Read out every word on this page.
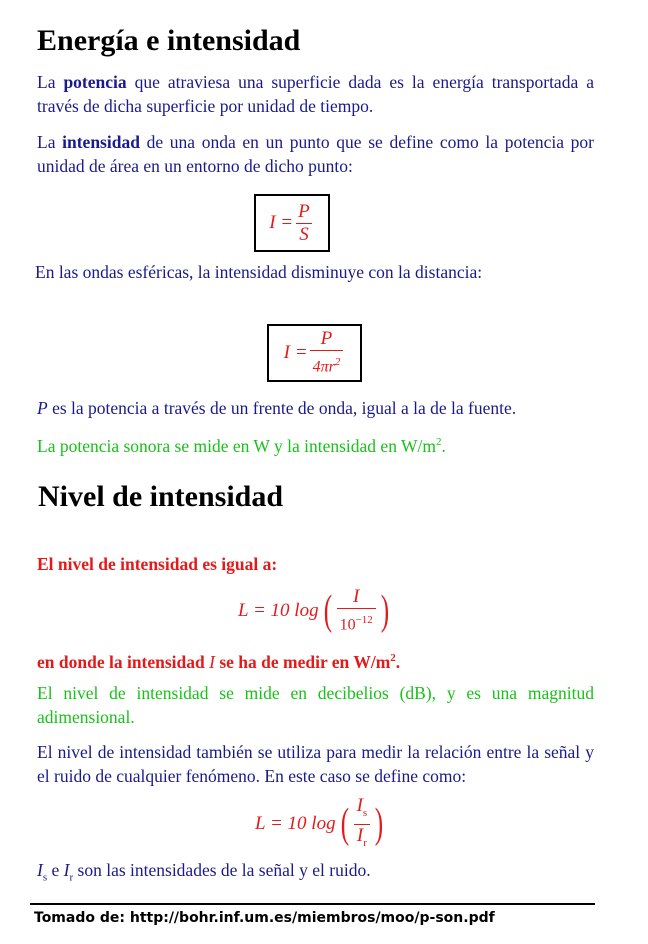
Energía e intensidad
La potencia que atraviesa una superficie dada es la energía transportada a través de dicha superficie por unidad de tiempo.
La intensidad de una onda en un punto que se define como la potencia por unidad de área en un entorno de dicho punto:
$I = \frac{P}{S}$
En las ondas esféricas, la intensidad disminuye con la distancia:
$I = \frac{P}{4\pi r^2}$
P es la potencia a través de un frente de onda, igual a la de la fuente.
La potencia sonora se mide en W y la intensidad en $W/m^2$.
Nivel de intensidad
El nivel de intensidad es igual a:
L = 10 log ( $\frac{I}{10^{-12}}$ )
en donde la intensidad I se ha de medir en $W/m^2$.
El nivel de intensidad se mide en decibelios (dB), y es una magnitud adimensional.
El nivel de intensidad también se utiliza para medir la relación entre la señal y el ruido de cualquier fenómeno. En este caso se define como:
L = 10 log ( $\frac{I_s}{I_r}$ )
$I_s$ e $I_r$ son las intensidades de la señal y el ruido.
Tomado de: http://bohr.inf.um.es/miembros/moo/p-son.pdf
